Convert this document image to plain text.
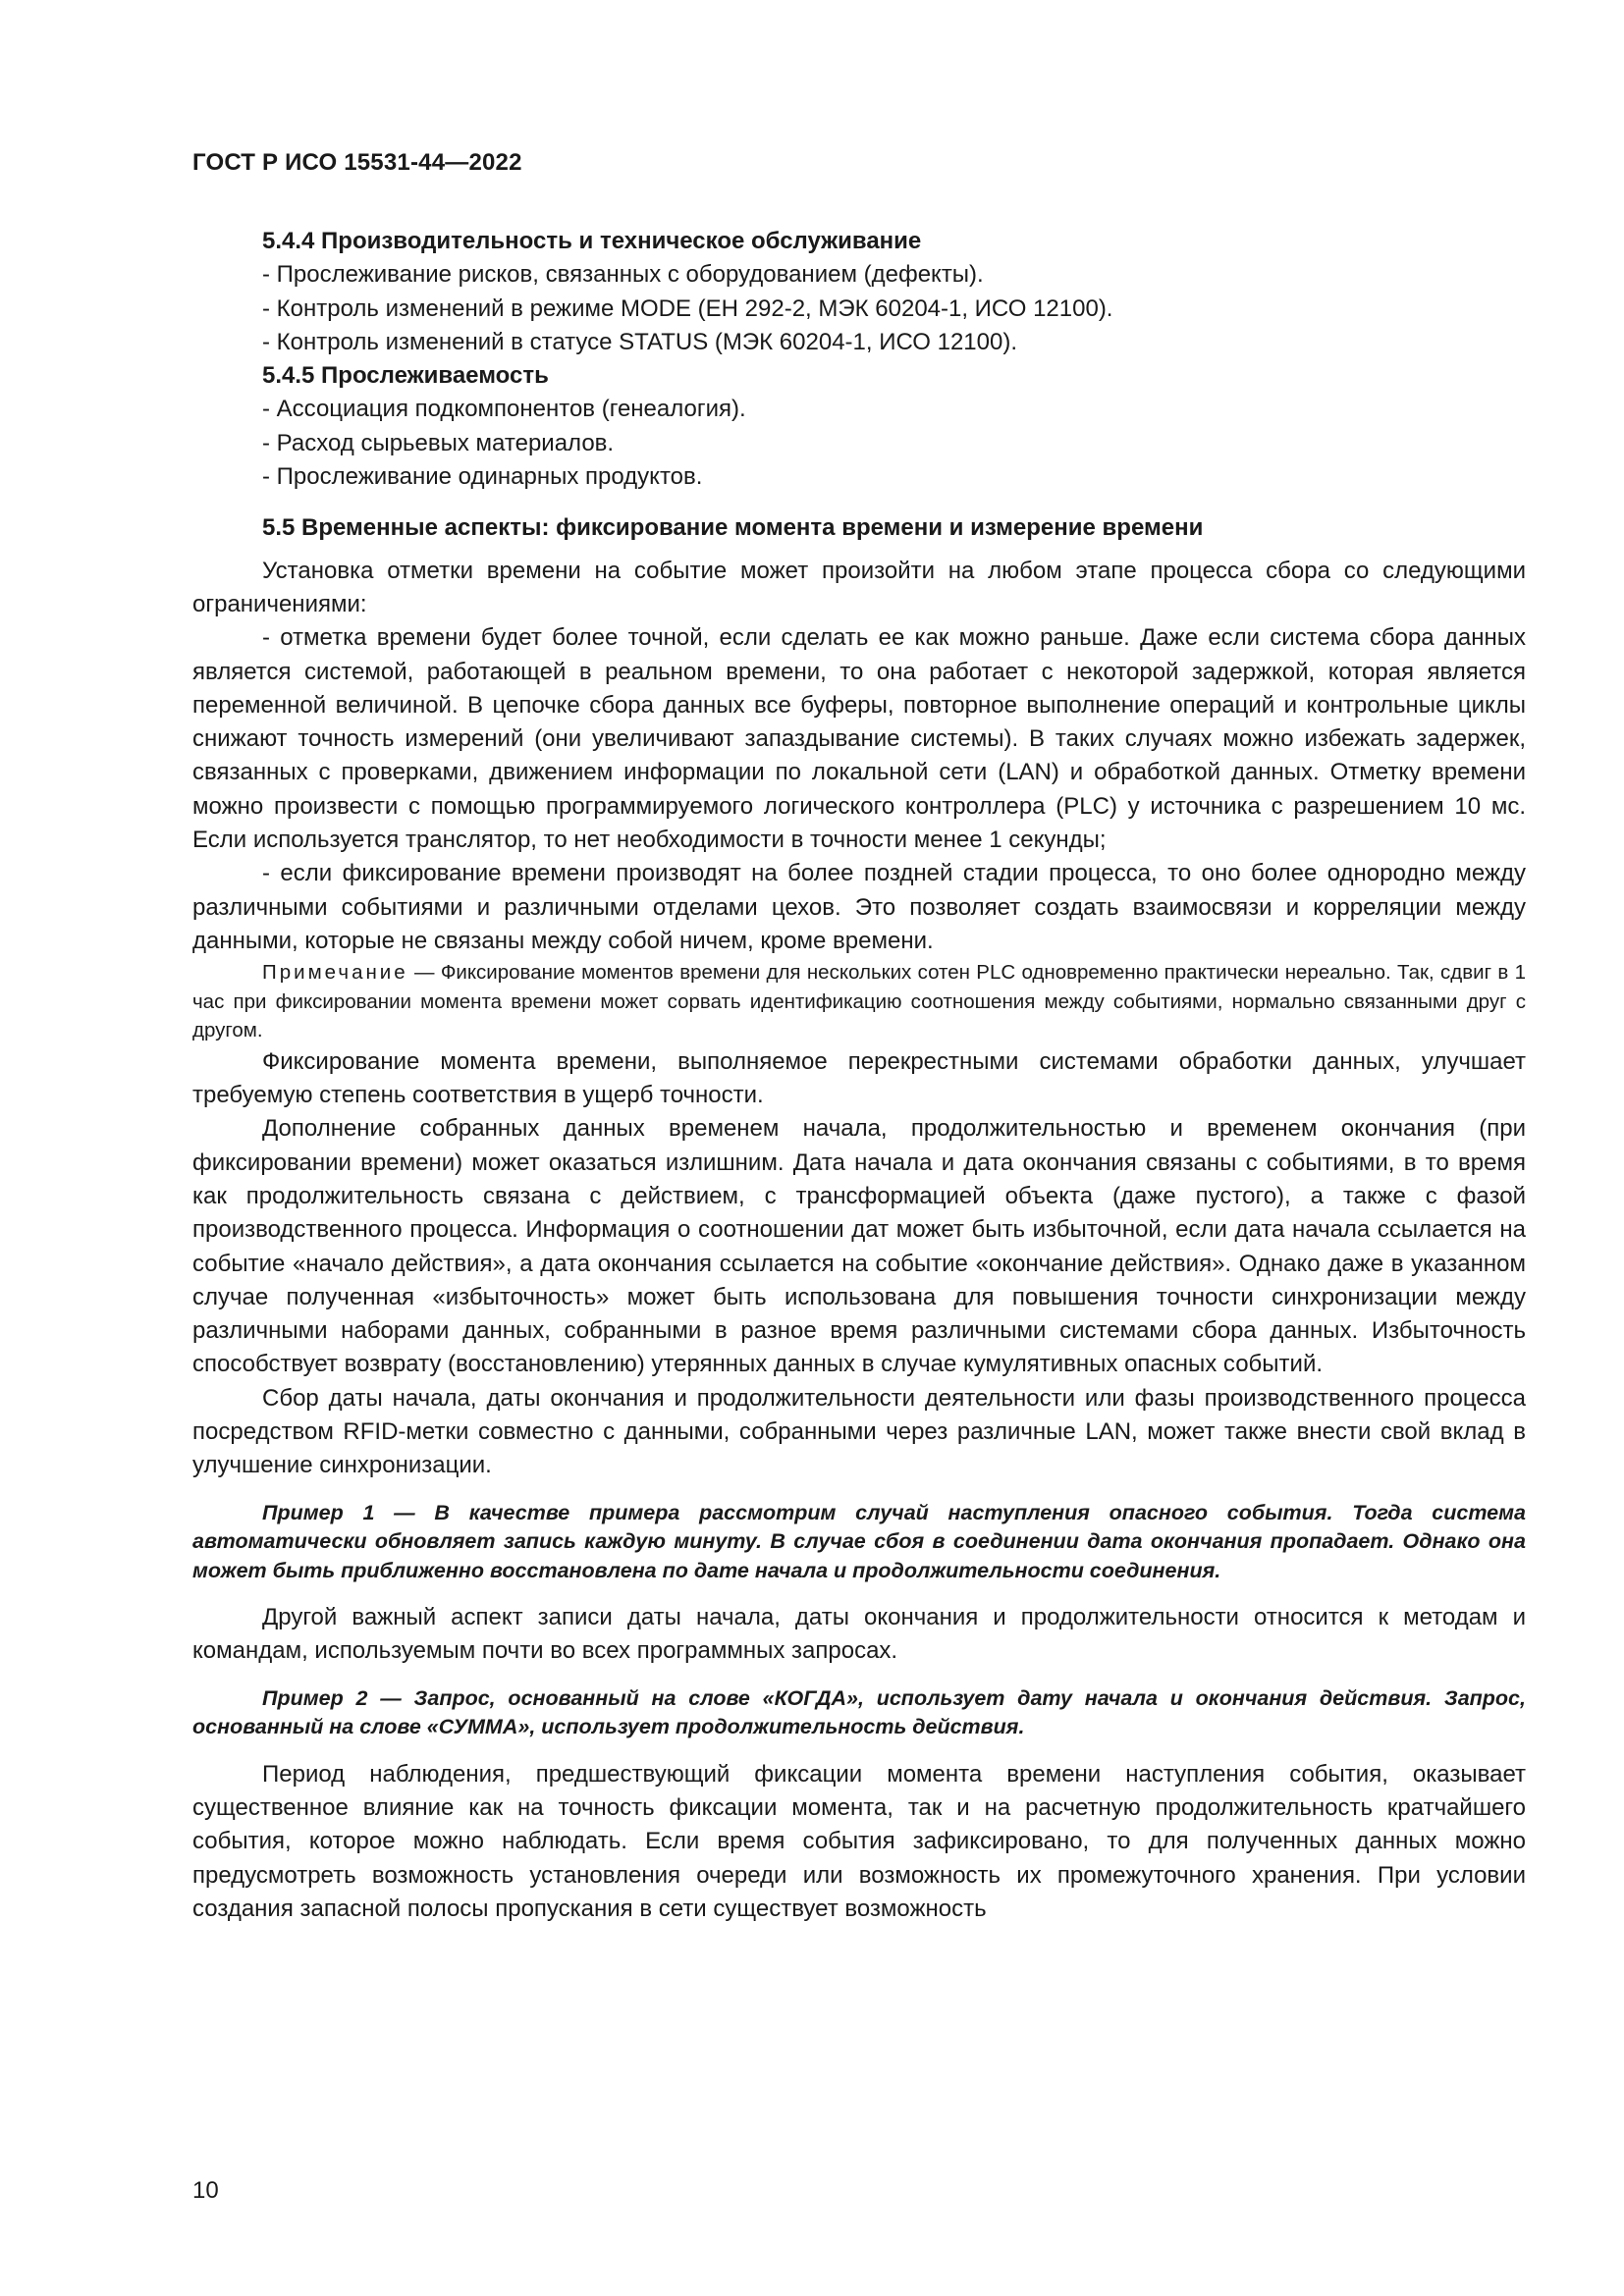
ГОСТ Р ИСО 15531-44—2022

5.4.4 Производительность и техническое обслуживание

- Прослеживание рисков, связанных с оборудованием (дефекты).

- Контроль изменений в режиме MODE (ЕН 292-2, МЭК 60204-1, ИСО 12100).

- Контроль изменений в статусе STATUS (МЭК 60204-1, ИСО 12100).

5.4.5 Прослеживаемость

- Ассоциация подкомпонентов (генеалогия).

- Расход сырьевых материалов.

- Прослеживание одинарных продуктов.

5.5 Временные аспекты: фиксирование момента времени и измерение времени

Установка отметки времени на событие может произойти на любом этапе процесса сбора со следующими ограничениями:

- отметка времени будет более точной, если сделать ее как можно раньше. Даже если система сбора данных является системой, работающей в реальном времени, то она работает с некоторой задержкой, которая является переменной величиной. В цепочке сбора данных все буферы, повторное выполнение операций и контрольные циклы снижают точность измерений (они увеличивают запаздывание системы). В таких случаях можно избежать задержек, связанных с проверками, движением информации по локальной сети (LAN) и обработкой данных. Отметку времени можно произвести с помощью программируемого логического контроллера (PLC) у источника с разрешением 10 мс. Если используется транслятор, то нет необходимости в точности менее 1 секунды;

- если фиксирование времени производят на более поздней стадии процесса, то оно более однородно между различными событиями и различными отделами цехов. Это позволяет создать взаимосвязи и корреляции между данными, которые не связаны между собой ничем, кроме времени.

Примечание — Фиксирование моментов времени для нескольких сотен PLC одновременно практически нереально. Так, сдвиг в 1 час при фиксировании момента времени может сорвать идентификацию соотношения между событиями, нормально связанными друг с другом.

Фиксирование момента времени, выполняемое перекрестными системами обработки данных, улучшает требуемую степень соответствия в ущерб точности.

Дополнение собранных данных временем начала, продолжительностью и временем окончания (при фиксировании времени) может оказаться излишним. Дата начала и дата окончания связаны с событиями, в то время как продолжительность связана с действием, с трансформацией объекта (даже пустого), а также с фазой производственного процесса. Информация о соотношении дат может быть избыточной, если дата начала ссылается на событие «начало действия», а дата окончания ссылается на событие «окончание действия». Однако даже в указанном случае полученная «избыточность» может быть использована для повышения точности синхронизации между различными наборами данных, собранными в разное время различными системами сбора данных. Избыточность способствует возврату (восстановлению) утерянных данных в случае кумулятивных опасных событий.

Сбор даты начала, даты окончания и продолжительности деятельности или фазы производственного процесса посредством RFID-метки совместно с данными, собранными через различные LAN, может также внести свой вклад в улучшение синхронизации.

Пример 1 — В качестве примера рассмотрим случай наступления опасного события. Тогда система автоматически обновляет запись каждую минуту. В случае сбоя в соединении дата окончания пропадает. Однако она может быть приближенно восстановлена по дате начала и продолжительности соединения.

Другой важный аспект записи даты начала, даты окончания и продолжительности относится к методам и командам, используемым почти во всех программных запросах.

Пример 2 — Запрос, основанный на слове «КОГДА», использует дату начала и окончания действия. Запрос, основанный на слове «СУММА», использует продолжительность действия.

Период наблюдения, предшествующий фиксации момента времени наступления события, оказывает существенное влияние как на точность фиксации момента, так и на расчетную продолжительность кратчайшего события, которое можно наблюдать. Если время события зафиксировано, то для полученных данных можно предусмотреть возможность установления очереди или возможность их промежуточного хранения. При условии создания запасной полосы пропускания в сети существует возможность

10
